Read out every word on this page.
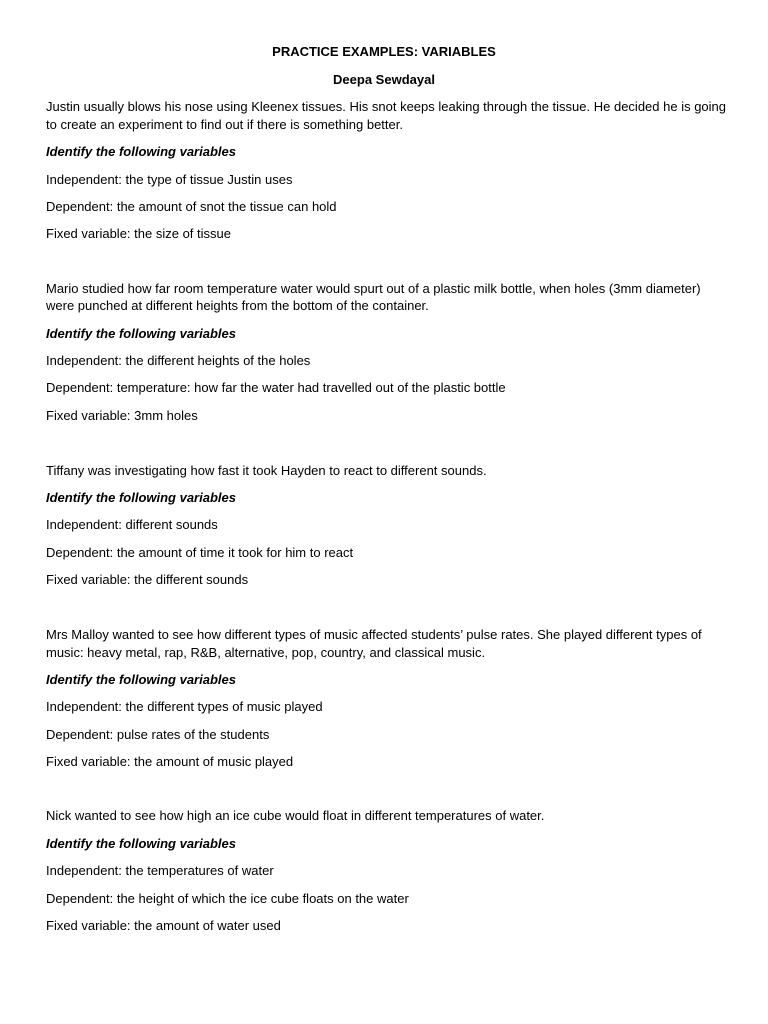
PRACTICE EXAMPLES: VARIABLES
Deepa Sewdayal
Justin usually blows his nose using Kleenex tissues. His snot keeps leaking through the tissue. He decided he is going
to create an experiment to find out if there is something better.
Identify the following variables
Independent: the type of tissue Justin uses
Dependent: the amount of snot the tissue can hold
Fixed variable: the size of tissue
Mario studied how far room temperature water would spurt out of a plastic milk bottle, when holes (3mm diameter)
were punched at different heights from the bottom of the container.
Identify the following variables
Independent: the different heights of the holes
Dependent: temperature: how far the water had travelled out of the plastic bottle
Fixed variable: 3mm holes
Tiffany was investigating how fast it took Hayden to react to different sounds.
Identify the following variables
Independent: different sounds
Dependent: the amount of time it took for him to react
Fixed variable: the different sounds
Mrs Malloy wanted to see how different types of music affected students’ pulse rates. She played different types of
music: heavy metal, rap, R&B, alternative, pop, country, and classical music.
Identify the following variables
Independent: the different types of music played
Dependent: pulse rates of the students
Fixed variable: the amount of music played
Nick wanted to see how high an ice cube would float in different temperatures of water.
Identify the following variables
Independent: the temperatures of water
Dependent: the height of which the ice cube floats on the water
Fixed variable: the amount of water used
